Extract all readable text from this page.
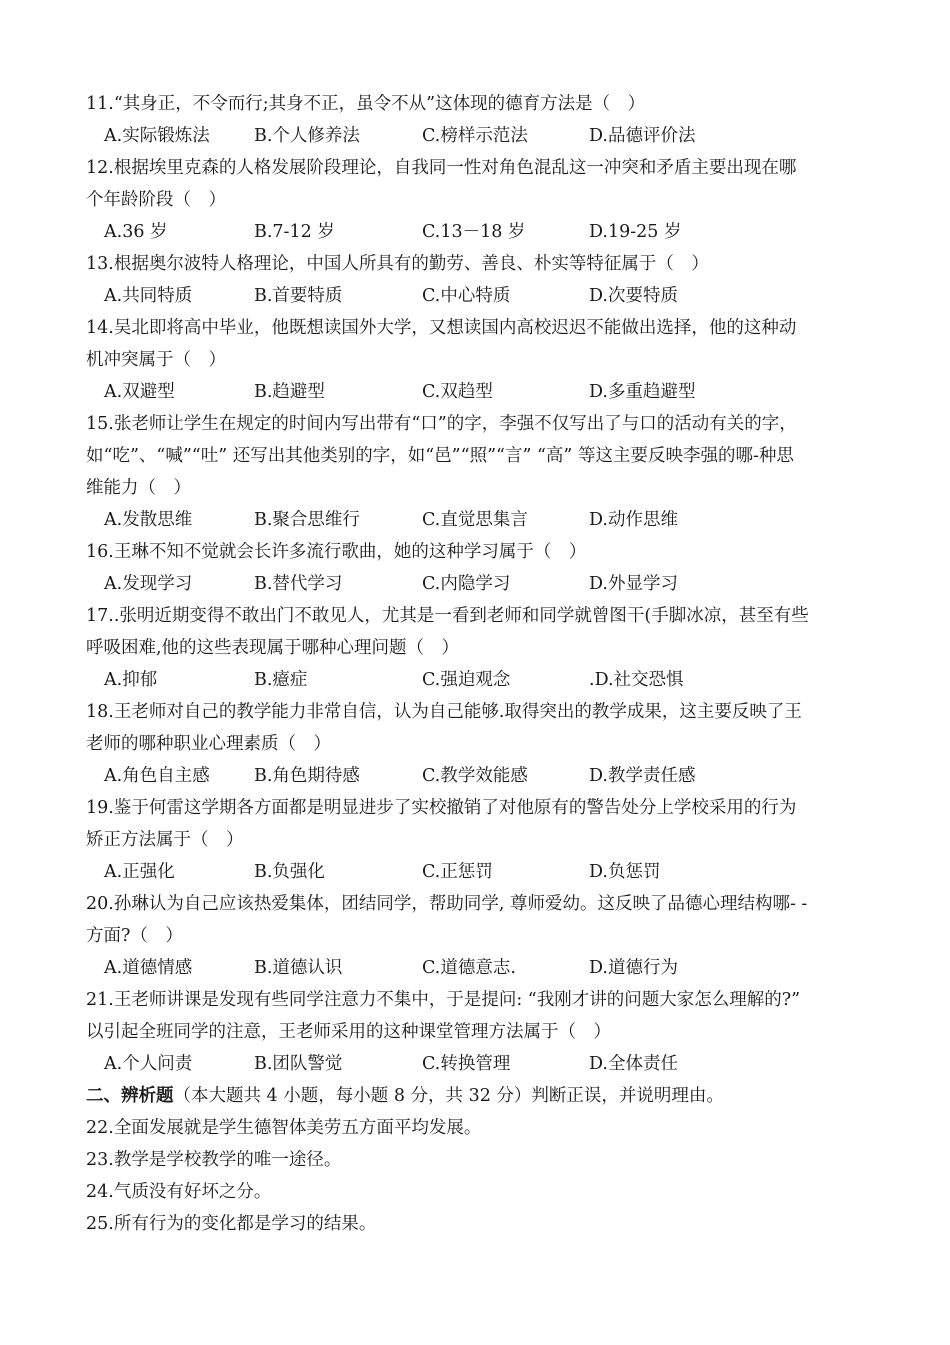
11.“其身正，不令而行;其身不正，虽令不从”这体现的德育方法是（　）
A.实际锻炼法	B.个人修养法	C.榜样示范法	D.品德评价法
12.根据埃里克森的人格发展阶段理论，自我同一性对角色混乱这一冲突和矛盾主要出现在哪
个年龄阶段（　）
A.36 岁	B.7-12 岁	C.13－18 岁	D.19-25 岁
13.根据奥尔波特人格理论，中国人所具有的勤劳、善良、朴实等特征属于（　）
A.共同特质	B.首要特质	C.中心特质	D.次要特质
14.吴北即将高中毕业，他既想读国外大学，又想读国内高校迟迟不能做出选择，他的这种动
机冲突属于（　）
A.双避型	B.趋避型	C.双趋型	D.多重趋避型
15.张老师让学生在规定的时间内写出带有“口”的字，李强不仅写出了与口的活动有关的字，
如“吃”、“喊”“吐” 还写出其他类别的字，如“邑”“照”“言” “高” 等这主要反映李强的哪-种思
维能力（　）
A.发散思维	B.聚合思维行	C.直觉思集言	D.动作思维
16.王琳不知不觉就会长许多流行歌曲，她的这种学习属于（　）
A.发现学习	B.替代学习	C.内隐学习	D.外显学习
17..张明近期变得不敢出门不敢见人，尤其是一看到老师和同学就曾图干(手脚冰凉，甚至有些
呼吸困难,他的这些表现属于哪种心理问题（　）
A.抑郁	B.癔症	C.强迫观念	.D.社交恐惧
18.王老师对自己的教学能力非常自信，认为自己能够.取得突出的教学成果，这主要反映了王
老师的哪种职业心理素质（　）
A.角色自主感	B.角色期待感	C.教学效能感	D.教学责任感
19.鉴于何雷这学期各方面都是明显进步了实校撤销了对他原有的警告处分上学校采用的行为
矫正方法属于（　）
A.正强化	B.负强化	C.正惩罚	D.负惩罚
20.孙琳认为自己应该热爱集体，团结同学，帮助同学, 尊师爱幼。这反映了品德心理结构哪- -
方面?（　）
A.道德情感	B.道德认识	C.道德意志.	D.道德行为
21.王老师讲课是发现有些同学注意力不集中，于是提问: “我刚才讲的问题大家怎么理解的?”
以引起全班同学的注意，王老师采用的这种课堂管理方法属于（　）
A.个人问责	B.团队警觉	C.转换管理	D.全体责任
二、辨析题（本大题共 4 小题，每小题 8 分，共 32 分）判断正误，并说明理由。
22.全面发展就是学生德智体美劳五方面平均发展。
23.教学是学校教学的唯一途径。
24.气质没有好坏之分。
25.所有行为的变化都是学习的结果。
